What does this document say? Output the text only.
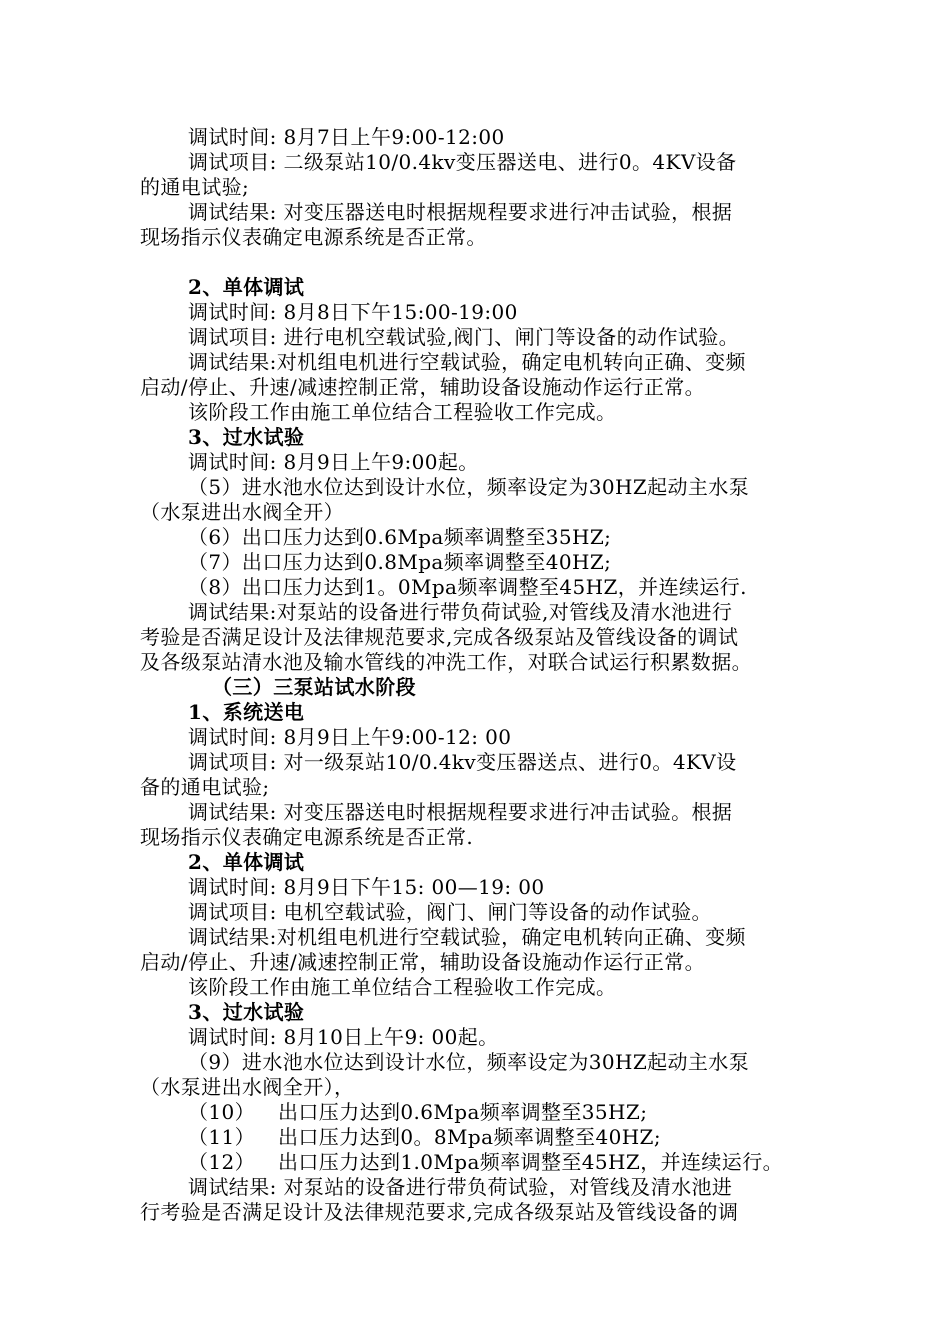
调试时间: 8月7日上午9:00-12:00
调试项目: 二级泵站10/0.4kv变压器送电、进行0。4KV设备
的通电试验;
调试结果: 对变压器送电时根据规程要求进行冲击试验，根据
现场指示仪表确定电源系统是否正常。
2、单体调试
调试时间: 8月8日下午15:00-19:00
调试项目: 进行电机空载试验,阀门、闸门等设备的动作试验。
调试结果:对机组电机进行空载试验，确定电机转向正确、变频
启动/停止、升速/减速控制正常，辅助设备设施动作运行正常。
该阶段工作由施工单位结合工程验收工作完成。
3、过水试验
调试时间: 8月9日上午9:00起。
（5）进水池水位达到设计水位，频率设定为30HZ起动主水泵
（水泵进出水阀全开）
（6）出口压力达到0.6Mpa频率调整至35HZ;
（7）出口压力达到0.8Mpa频率调整至40HZ;
（8）出口压力达到1。0Mpa频率调整至45HZ，并连续运行.
调试结果:对泵站的设备进行带负荷试验,对管线及清水池进行
考验是否满足设计及法律规范要求,完成各级泵站及管线设备的调试
及各级泵站清水池及输水管线的冲洗工作，对联合试运行积累数据。
（三）三泵站试水阶段
1、系统送电
调试时间: 8月9日上午9:00-12: 00
调试项目: 对一级泵站10/0.4kv变压器送点、进行0。4KV设
备的通电试验;
调试结果: 对变压器送电时根据规程要求进行冲击试验。根据
现场指示仪表确定电源系统是否正常.
2、单体调试
调试时间: 8月9日下午15: 00—19: 00
调试项目: 电机空载试验，阀门、闸门等设备的动作试验。
调试结果:对机组电机进行空载试验，确定电机转向正确、变频
启动/停止、升速/减速控制正常，辅助设备设施动作运行正常。
该阶段工作由施工单位结合工程验收工作完成。
3、过水试验
调试时间: 8月10日上午9: 00起。
（9）进水池水位达到设计水位，频率设定为30HZ起动主水泵
（水泵进出水阀全开），
（10） 出口压力达到0.6Mpa频率调整至35HZ;
（11） 出口压力达到0。8Mpa频率调整至40HZ;
（12） 出口压力达到1.0Mpa频率调整至45HZ，并连续运行。
调试结果: 对泵站的设备进行带负荷试验，对管线及清水池进
行考验是否满足设计及法律规范要求,完成各级泵站及管线设备的调
